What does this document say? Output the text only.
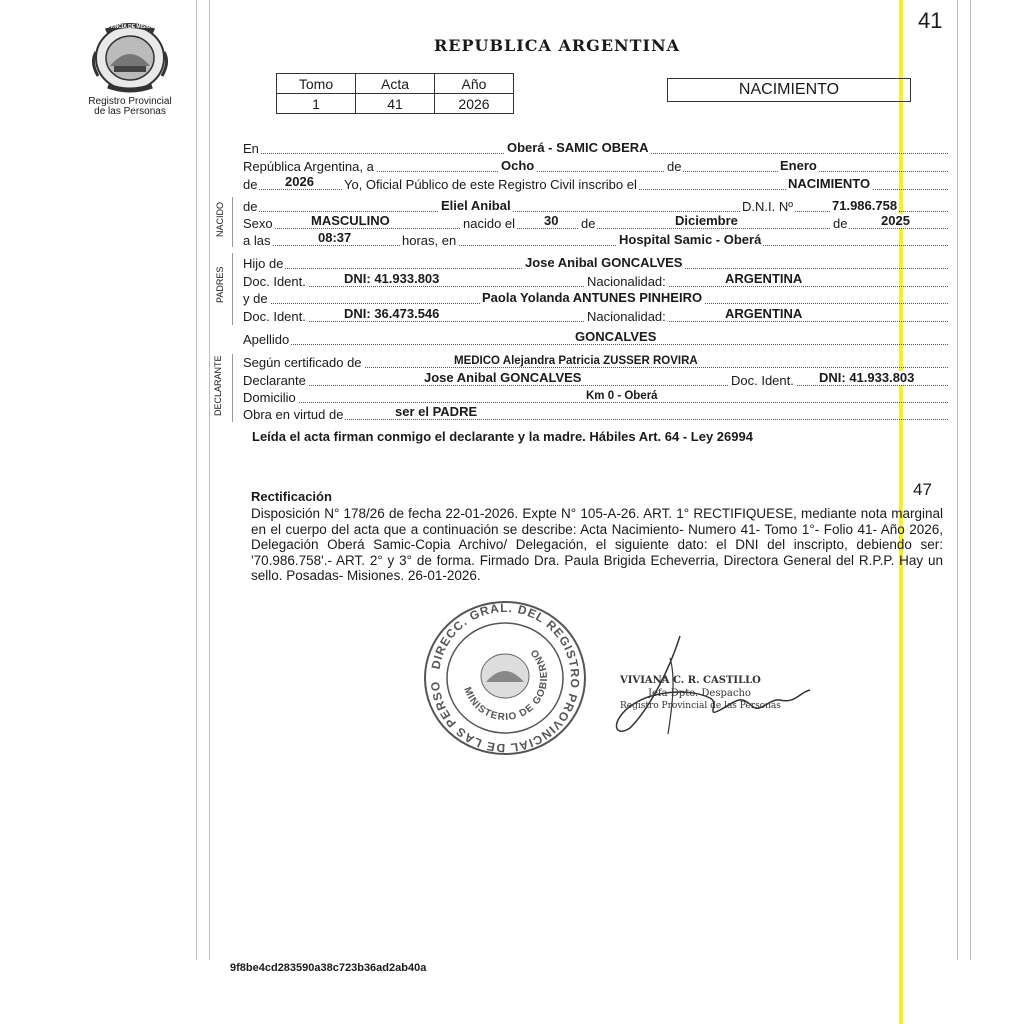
41
PROVINCIA DE MISIONES
Registro Provincial
de las Personas
REPUBLICA ARGENTINA
Tomo	Acta	Año
1	41	2026
NACIMIENTO
NACIDO
PADRES
DECLARANTE
En	Oberá - SAMIC OBERA
República Argentina, a	Ocho	de	Enero
de 2026 Yo, Oficial Público de este Registro Civil inscribo el	NACIMIENTO
de	Eliel Anibal	D.N.I. Nº	71.986.758
Sexo	MASCULINO	nacido el 30 de	Diciembre	de	2025
a las	08:37	horas, en	Hospital Samic - Oberá
Hijo de	Jose Anibal GONCALVES
Doc. Ident.	DNI: 41.933.803	Nacionalidad:	ARGENTINA
y de	Paola Yolanda ANTUNES PINHEIRO
Doc. Ident.	DNI: 36.473.546	Nacionalidad:	ARGENTINA
Apellido	GONCALVES
Según certificado de	MEDICO Alejandra Patricia ZUSSER ROVIRA
Declarante	Jose Anibal GONCALVES	Doc. Ident. DNI: 41.933.803
Domicilio	Km 0 - Oberá
Obra en virtud de	ser el PADRE
Leída el acta firman conmigo el declarante y la madre. Hábiles Art. 64 - Ley 26994
47
Rectificación
Disposición N° 178/26 de fecha 22-01-2026. Expte N° 105-A-26. ART. 1° RECTIFIQUESE, mediante nota marginal en el cuerpo del acta que a continuación se describe: Acta Nacimiento- Numero 41- Tomo 1°- Folio 41- Año 2026, Delegación Oberá Samic-Copia Archivo/ Delegación, el siguiente dato: el DNI del inscripto, debiendo ser: '70.986.758'.- ART. 2° y 3° de forma. Firmado Dra. Paula Brigida Echeverria, Directora General del R.P.P. Hay un sello. Posadas- Misiones. 26-01-2026.
DIRECC. GRAL. DEL REGISTRO PROVINCIAL DE LAS PERSO	MINISTERIO DE GOBIERNO
VIVIANA C. R. CASTILLO
Jefa Dpto. Despacho
Registro Provincial de las Personas
9f8be4cd283590a38c723b36ad2ab40a
